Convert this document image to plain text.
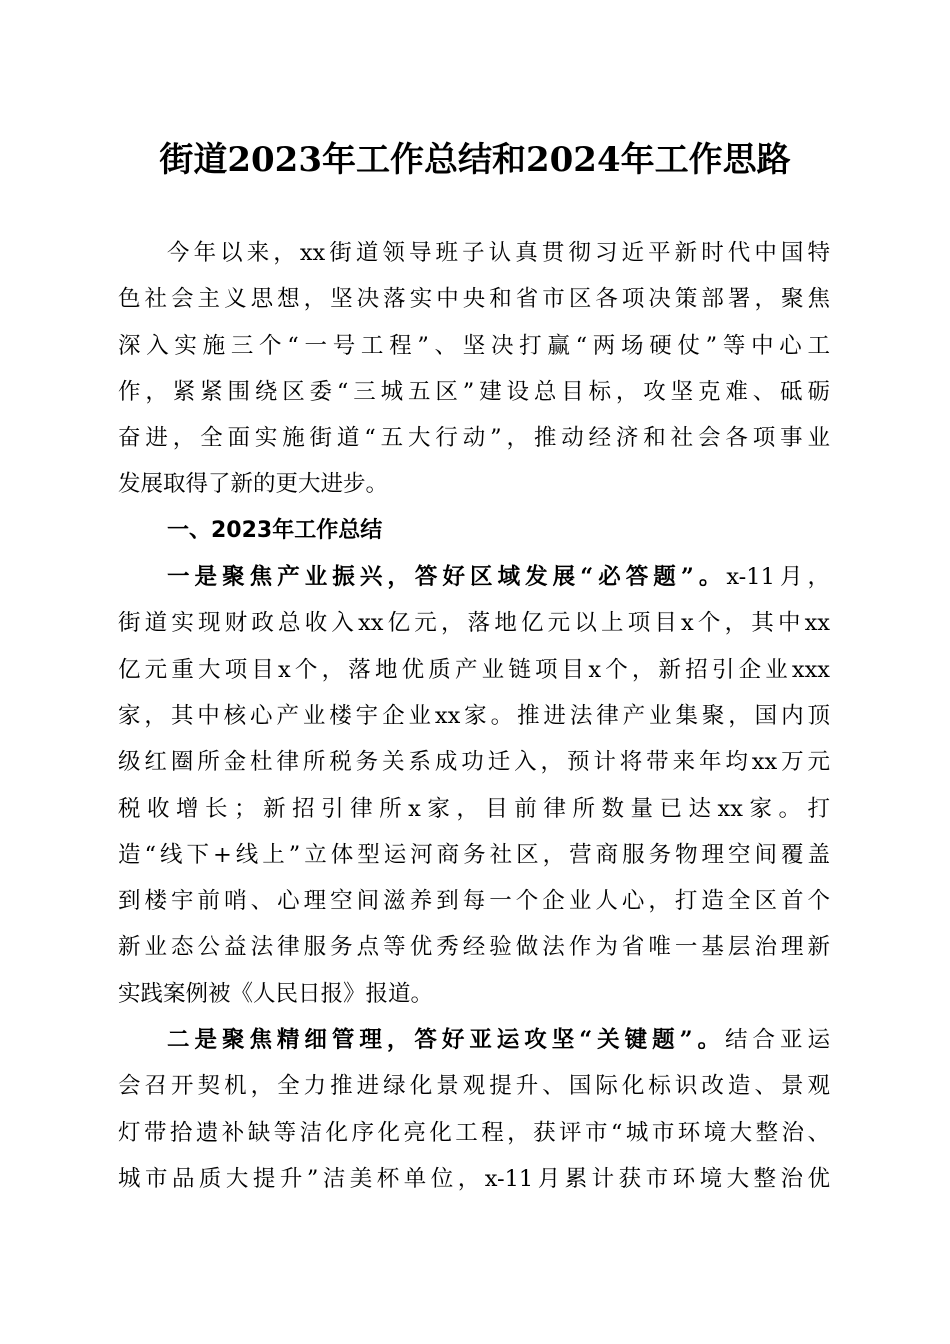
街道2023年工作总结和2024年工作思路
今年以来，xx街道领导班子认真贯彻习近平新时代中国特
色社会主义思想，坚决落实中央和省市区各项决策部署，聚焦
深入实施三个“一号工程”、坚决打赢“两场硬仗”等中心工
作，紧紧围绕区委“三城五区”建设总目标，攻坚克难、砥砺
奋进，全面实施街道“五大行动”，推动经济和社会各项事业
发展取得了新的更大进步。
一、2023年工作总结
一是聚焦产业振兴，答好区域发展“必答题”。x-11月，
街道实现财政总收入xx亿元，落地亿元以上项目x个，其中xx
亿元重大项目x个，落地优质产业链项目x个，新招引企业xxx
家，其中核心产业楼宇企业xx家。推进法律产业集聚，国内顶
级红圈所金杜律所税务关系成功迁入，预计将带来年均xx万元
税收增长；新招引律所x家，目前律所数量已达xx家。打
造“线下+线上”立体型运河商务社区，营商服务物理空间覆盖
到楼宇前哨、心理空间滋养到每一个企业人心，打造全区首个
新业态公益法律服务点等优秀经验做法作为省唯一基层治理新
实践案例被《人民日报》报道。
二是聚焦精细管理，答好亚运攻坚“关键题”。结合亚运
会召开契机，全力推进绿化景观提升、国际化标识改造、景观
灯带拾遗补缺等洁化序化亮化工程，获评市“城市环境大整治、
城市品质大提升”洁美杯单位，x-11月累计获市环境大整治优
